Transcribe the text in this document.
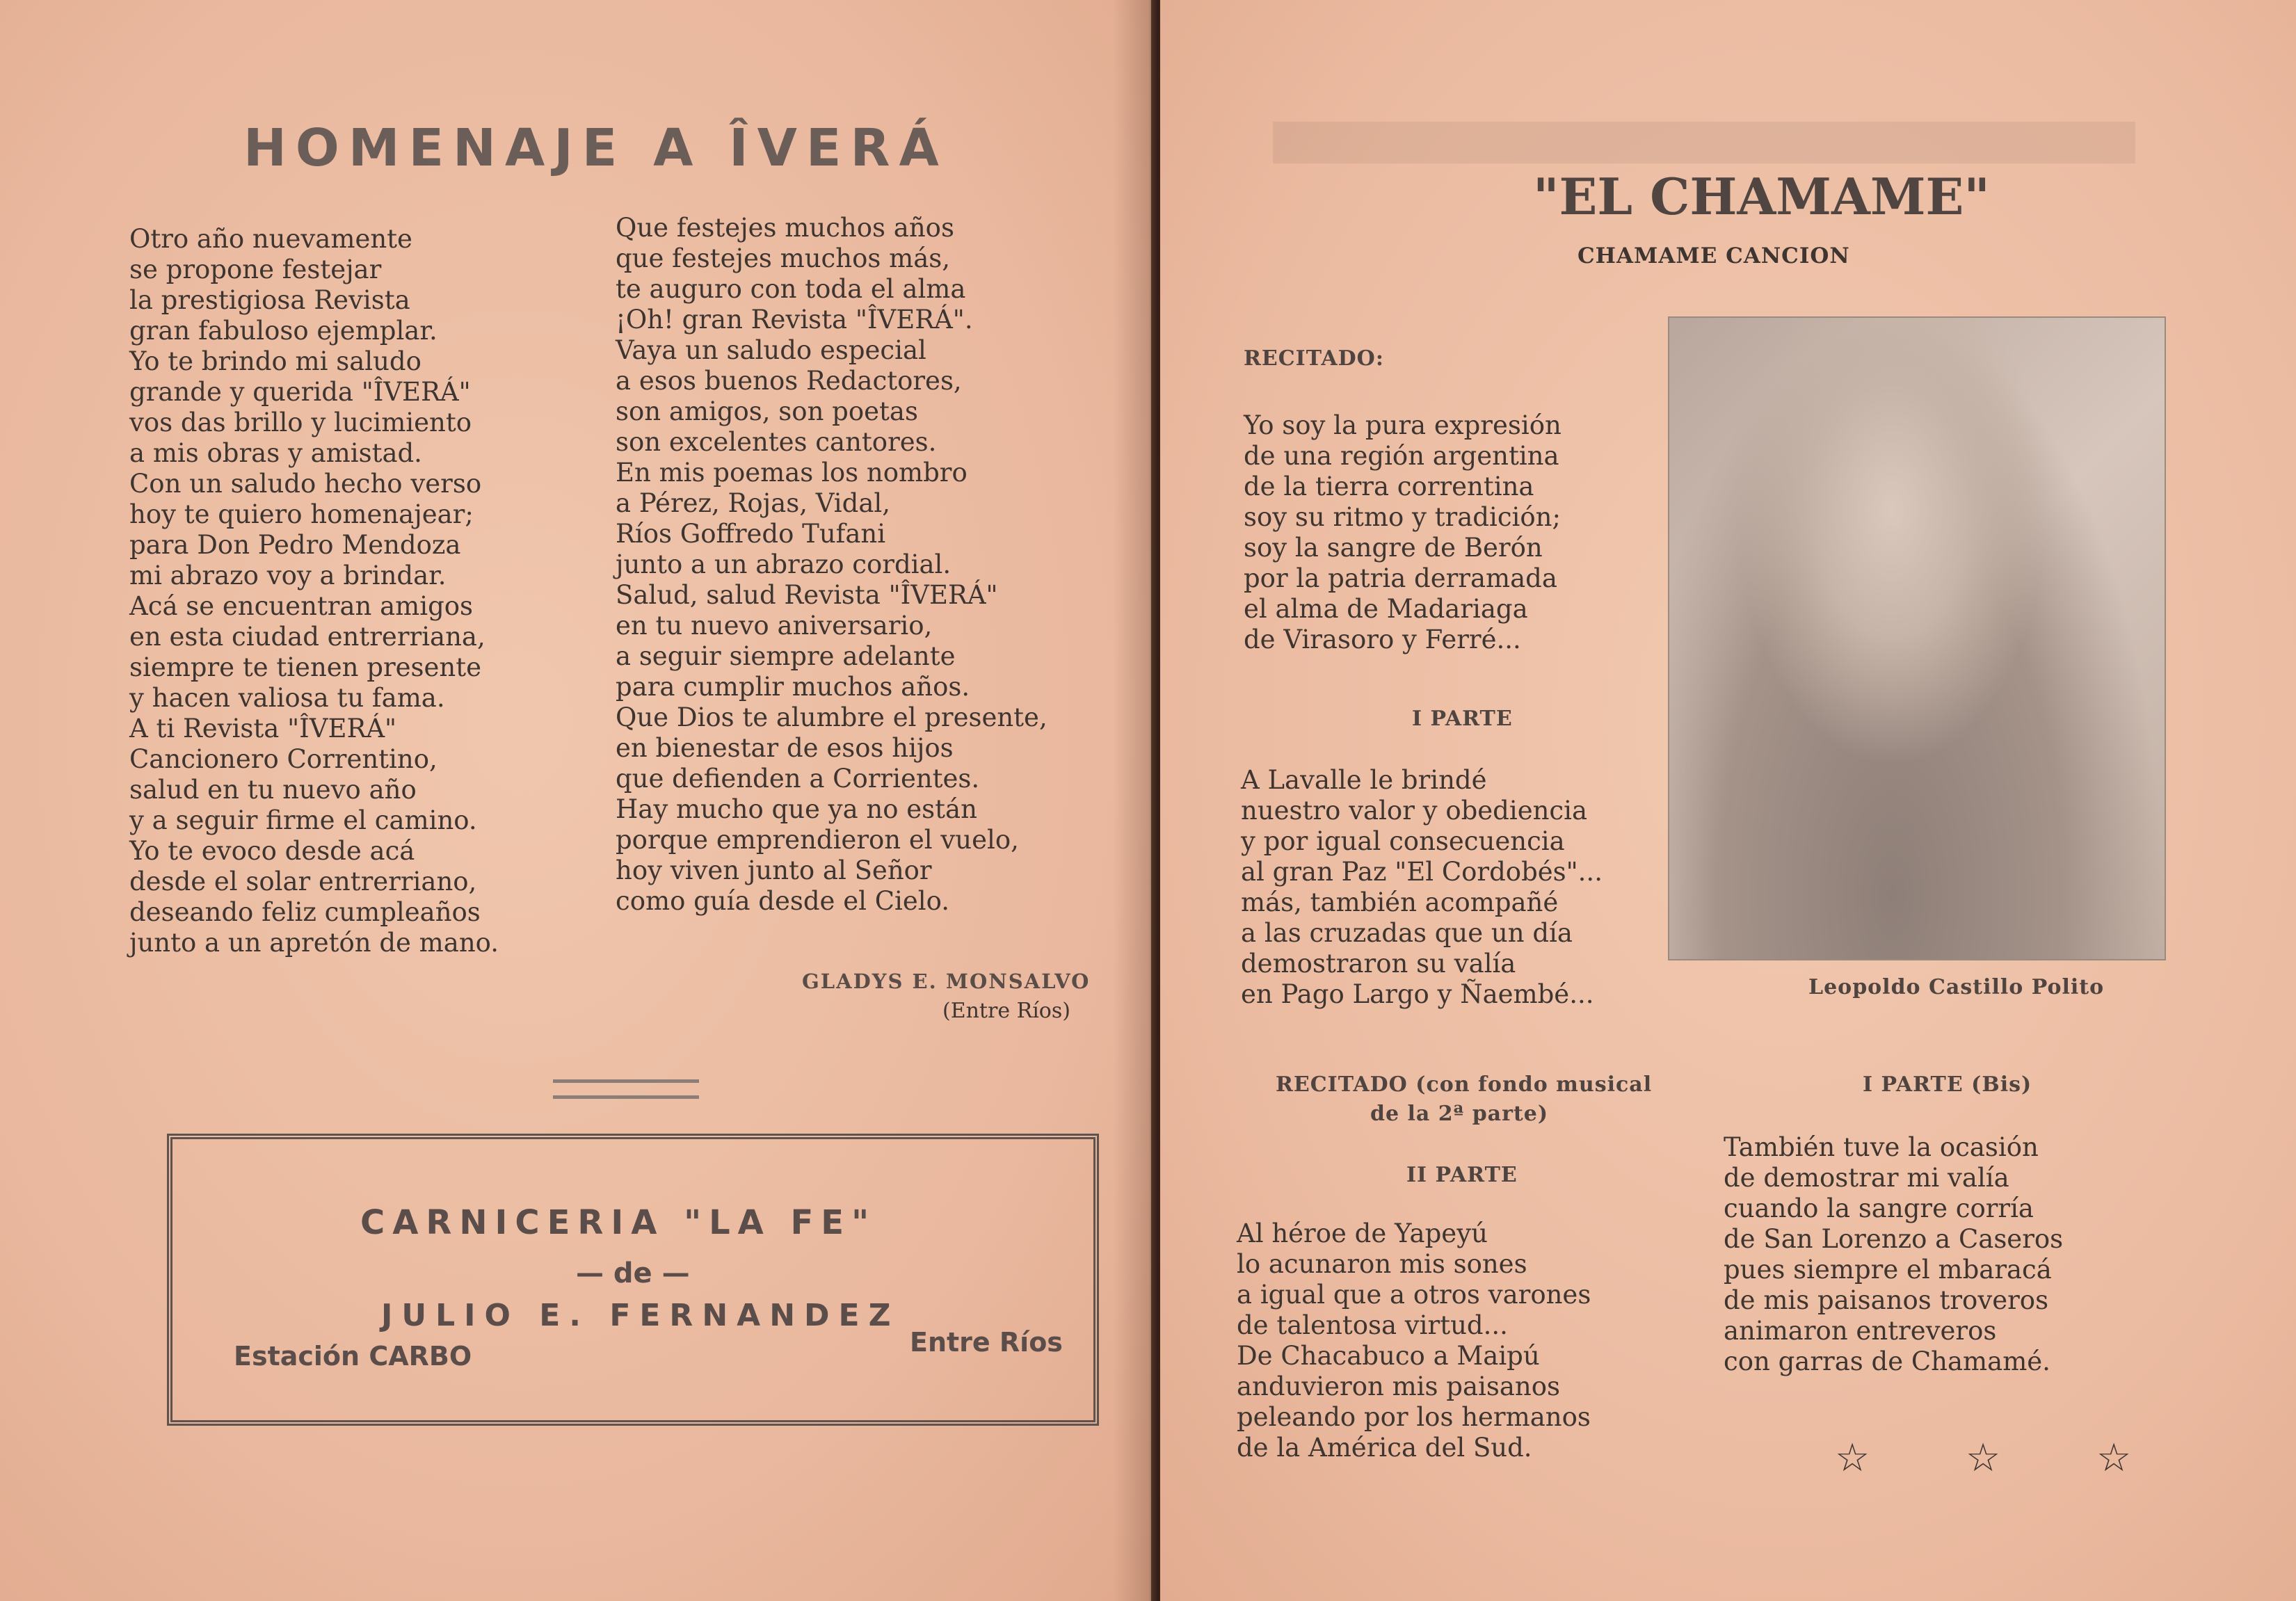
HOMENAJE A ÎVERÁ
Otro año nuevamente
se propone festejar
la prestigiosa Revista
gran fabuloso ejemplar.
Yo te brindo mi saludo
grande y querida "ÎVERÁ"
vos das brillo y lucimiento
a mis obras y amistad.
Con un saludo hecho verso
hoy te quiero homenajear;
para Don Pedro Mendoza
mi abrazo voy a brindar.
Acá se encuentran amigos
en esta ciudad entrerriana,
siempre te tienen presente
y hacen valiosa tu fama.
A ti Revista "ÎVERÁ"
Cancionero Correntino,
salud en tu nuevo año
y a seguir firme el camino.
Yo te evoco desde acá
desde el solar entrerriano,
deseando feliz cumpleaños
junto a un apretón de mano.
Que festejes muchos años
que festejes muchos más,
te auguro con toda el alma
¡Oh! gran Revista "ÎVERÁ".
Vaya un saludo especial
a esos buenos Redactores,
son amigos, son poetas
son excelentes cantores.
En mis poemas los nombro
a Pérez, Rojas, Vidal,
Ríos Goffredo Tufani
junto a un abrazo cordial.
Salud, salud Revista "ÎVERÁ"
en tu nuevo aniversario,
a seguir siempre adelante
para cumplir muchos años.
Que Dios te alumbre el presente,
en bienestar de esos hijos
que defienden a Corrientes.
Hay mucho que ya no están
porque emprendieron el vuelo,
hoy viven junto al Señor
como guía desde el Cielo.
GLADYS E. MONSALVO
(Entre Ríos)
CARNICERIA "LA FE"
— de —
JULIO E. FERNANDEZ
Estación CARBO	Entre Ríos
"EL CHAMAME"
CHAMAME CANCION
RECITADO:
Yo soy la pura expresión
de una región argentina
de la tierra correntina
soy su ritmo y tradición;
soy la sangre de Berón
por la patria derramada
el alma de Madariaga
de Virasoro y Ferré...
I PARTE
A Lavalle le brindé
nuestro valor y obediencia
y por igual consecuencia
al gran Paz "El Cordobés"...
más, también acompañé
a las cruzadas que un día
demostraron su valía
en Pago Largo y Ñaembé...	Leopoldo Castillo Polito
RECITADO (con fondo musical
de la 2ª parte)
II PARTE
Al héroe de Yapeyú
lo acunaron mis sones
a igual que a otros varones
de talentosa virtud...
De Chacabuco a Maipú
anduvieron mis paisanos
peleando por los hermanos
de la América del Sud.
I PARTE (Bis)
También tuve la ocasión
de demostrar mi valía
cuando la sangre corría
de San Lorenzo a Caseros
pues siempre el mbaracá
de mis paisanos troveros
animaron entreveros
con garras de Chamamé.
☆ ☆ ☆
